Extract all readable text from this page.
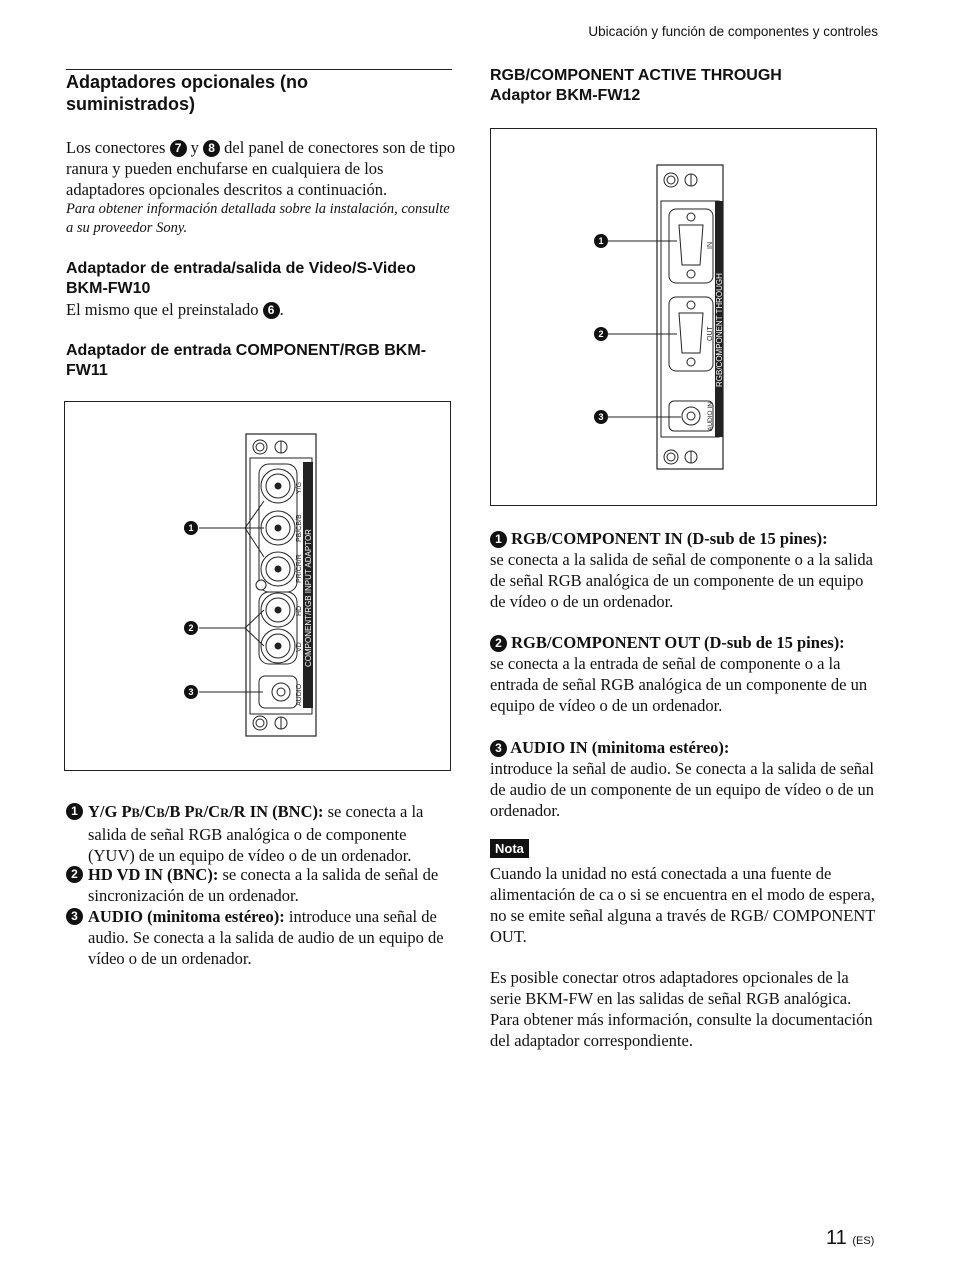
Ubicación y función de componentes y controles
Adaptadores opcionales (no suministrados)
Los conectores 7 y 8 del panel de conectores son de tipo ranura y pueden enchufarse en cualquiera de los adaptadores opcionales descritos a continuación.
Para obtener información detallada sobre la instalación, consulte a su proveedor Sony.
Adaptador de entrada/salida de Video/S-Video BKM-FW10
El mismo que el preinstalado 6 .
Adaptador de entrada COMPONENT/RGB BKM-FW11
COMPONENT/RGB INPUT ADAPTOR
Y/G
PB/CB/B
PR/CR/R
HD
VD
AUDIO
1
2
3
1 Y/G PB/CB/B PR/CR/R IN (BNC): se conecta a la salida de señal RGB analógica o de componente (YUV) de un equipo de vídeo o de un ordenador.
2 HD VD IN (BNC): se conecta a la salida de señal de sincronización de un ordenador.
3 AUDIO (minitoma estéreo): introduce una señal de audio. Se conecta a la salida de audio de un equipo de vídeo o de un ordenador.
RGB/COMPONENT ACTIVE THROUGH
Adaptor BKM-FW12
RGB/COMPONENT THROUGH
IN
OUT
AUDIO IN
1
2
3
1 RGB/COMPONENT IN (D-sub de 15 pines):
se conecta a la salida de señal de componente o a la salida de señal RGB analógica de un componente de un equipo de vídeo o de un ordenador.
2 RGB/COMPONENT OUT (D-sub de 15 pines):
se conecta a la entrada de señal de componente o a la entrada de señal RGB analógica de un componente de un equipo de vídeo o de un ordenador.
3 AUDIO IN (minitoma estéreo):
introduce la señal de audio. Se conecta a la salida de señal de audio de un componente de un equipo de vídeo o de un ordenador.
Nota
Cuando la unidad no está conectada a una fuente de alimentación de ca o si se encuentra en el modo de espera, no se emite señal alguna a través de RGB/ COMPONENT OUT.
Es posible conectar otros adaptadores opcionales de la serie BKM-FW en las salidas de señal RGB analógica. Para obtener más información, consulte la documentación del adaptador correspondiente.
11 (ES)
